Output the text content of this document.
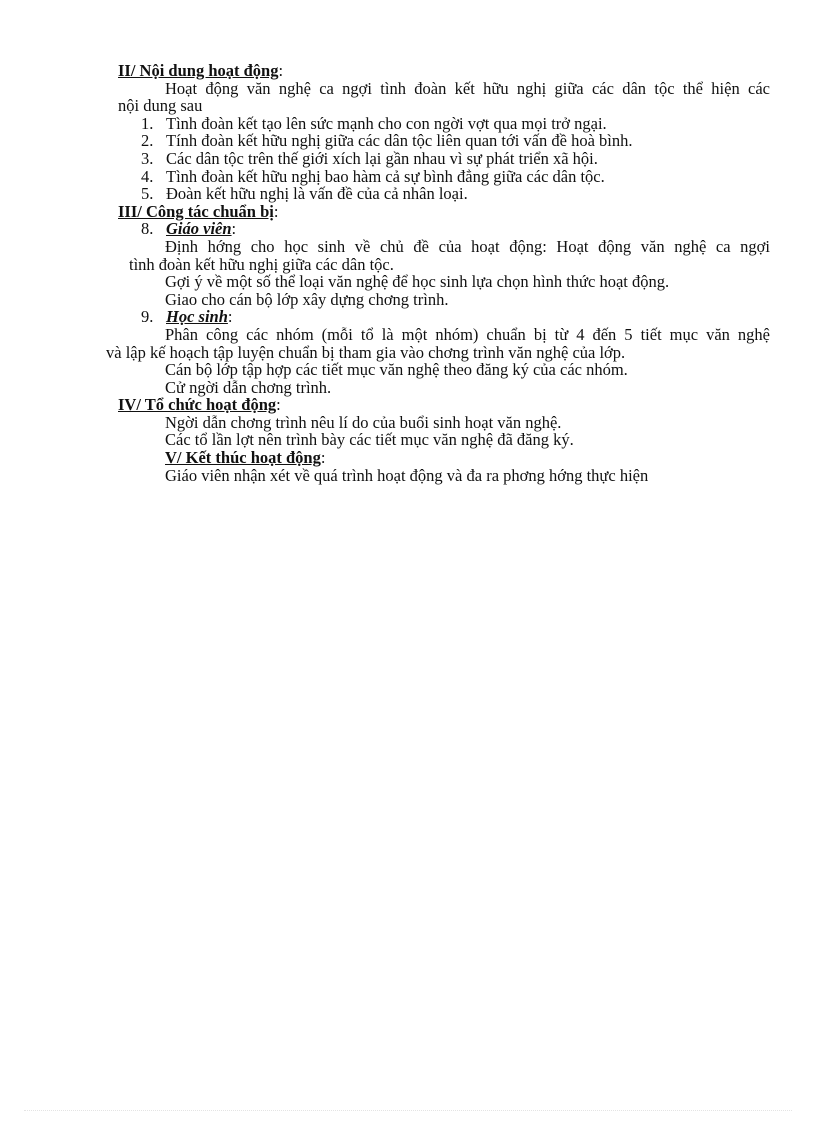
II/ Nội dung hoạt động:
Hoạt động văn nghệ ca ngợi tình đoàn kết hữu nghị giữa các dân tộc thể hiện các
nội dung sau
1. Tình đoàn kết tạo lên sức mạnh cho con ngời vợt qua mọi trở ngại.
2. Tính đoàn kết hữu nghị giữa các dân tộc liên quan tới vấn đề hoà bình.
3. Các dân tộc trên thế giới xích lại gần nhau vì sự phát triển xã hội.
4. Tình đoàn kết hữu nghị bao hàm cả sự bình đẳng giữa các dân tộc.
5. Đoàn kết hữu nghị là vấn đề của cả nhân loại.
III/ Công tác chuẩn bị:
8. Giáo viên:
Định hớng cho học sinh về chủ đề của hoạt động: Hoạt động văn nghệ ca ngợi
tình đoàn kết hữu nghị giữa các dân tộc.
Gợi ý về một số thể loại văn nghệ để học sinh lựa chọn hình thức hoạt động.
Giao cho cán bộ lớp xây dựng chơng trình.
9. Học sinh:
Phân công các nhóm (mỗi tổ là một nhóm) chuẩn bị từ 4 đến 5 tiết mục văn nghệ
và lập kế hoạch tập luyện chuẩn bị tham gia vào chơng trình văn nghệ của lớp.
Cán bộ lớp tập hợp các tiết mục văn nghệ theo đăng ký của các nhóm.
Cử ngời dẫn chơng trình.
IV/ Tổ chức hoạt động:
Ngời dẫn chơng trình nêu lí do của buổi sinh hoạt văn nghệ.
Các tổ lần lợt nên trình bày các tiết mục văn nghệ đã đăng ký.
V/ Kết thúc hoạt động:
Giáo viên nhận xét về quá trình hoạt động và đa ra phơng hớng thực hiện
